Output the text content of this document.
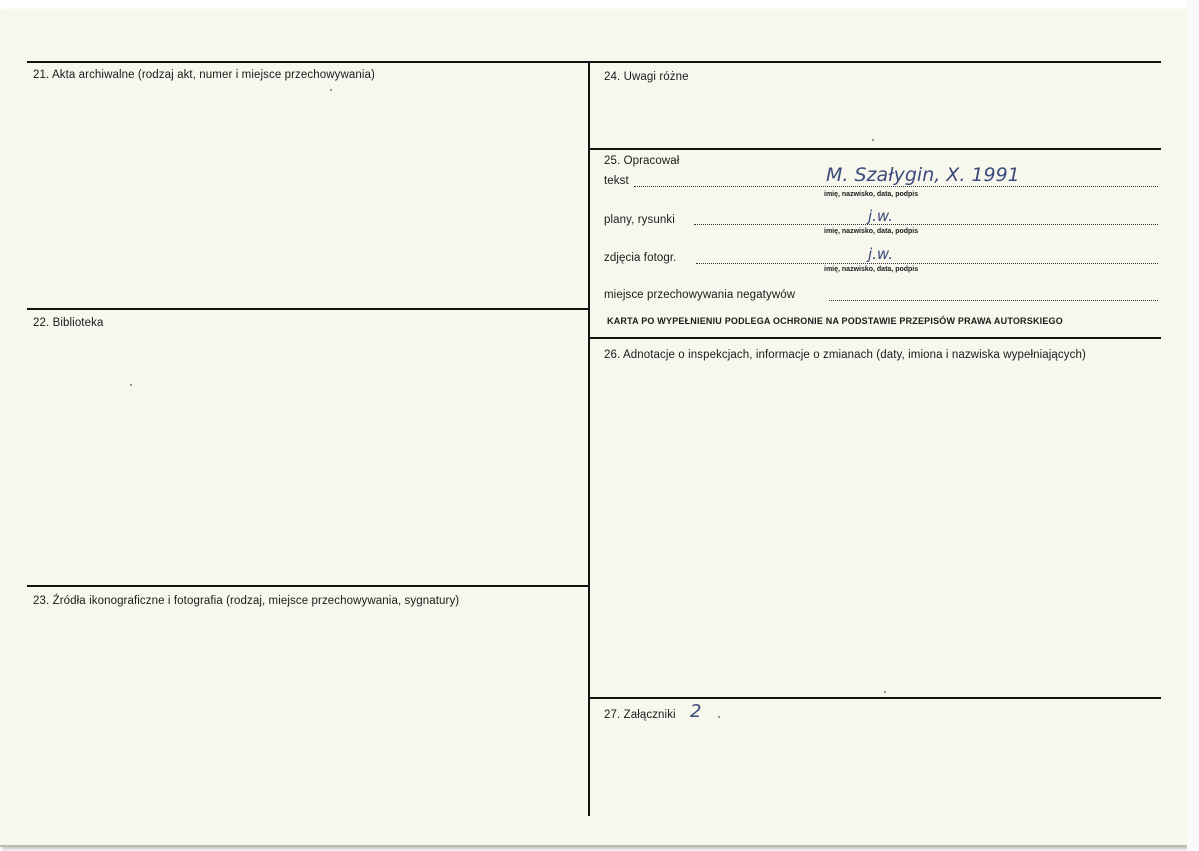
21. Akta archiwalne (rodzaj akt, numer i miejsce przechowywania)
22. Biblioteka
23. Źródła ikonograficzne i fotografia (rodzaj, miejsce przechowywania, sygnatury)
24. Uwagi różne
25. Opracował
tekst	M. Szałygin, X. 1991
imię, nazwisko, data, podpis
plany, rysunki	j.w.
imię, nazwisko, data, podpis
zdjęcia fotogr.	j.w.
imię, nazwisko, data, podpis
miejsce przechowywania negatywów
KARTA PO WYPEŁNIENIU PODLEGA OCHRONIE NA PODSTAWIE PRZEPISÓW PRAWA AUTORSKIEGO
26. Adnotacje o inspekcjach, informacje o zmianach (daty, imiona i nazwiska wypełniających)
27. Załączniki 2
